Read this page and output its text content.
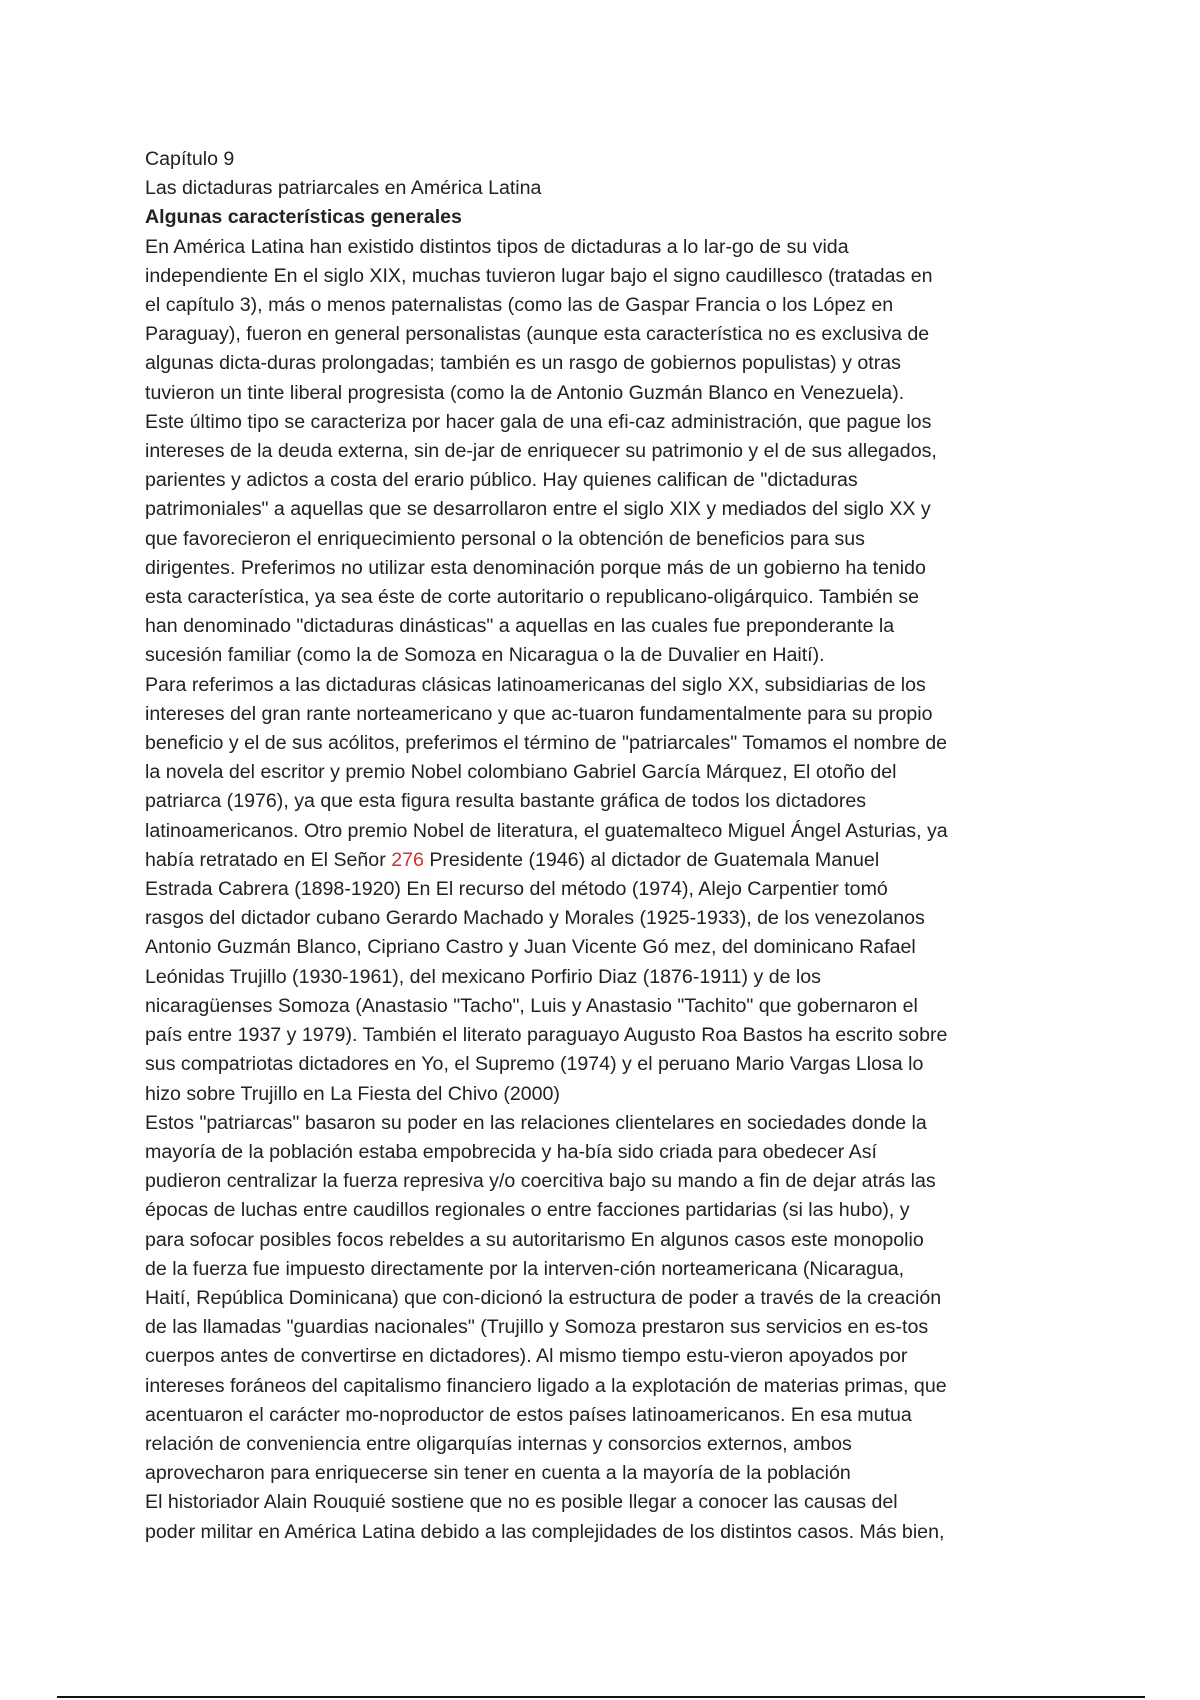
Capítulo 9
Las dictaduras patriarcales en América Latina
Algunas características generales
En América Latina han existido distintos tipos de dictaduras a lo lar-go de su vida
independiente En el siglo XIX, muchas tuvieron lugar bajo el signo caudillesco (tratadas en
el capítulo 3), más o menos paternalistas (como las de Gaspar Francia o los López en
Paraguay), fueron en general personalistas (aunque esta característica no es exclusiva de
algunas dicta-duras prolongadas; también es un rasgo de gobiernos populistas) y otras
tuvieron un tinte liberal progresista (como la de Antonio Guzmán Blanco en Venezuela).
Este último tipo se caracteriza por hacer gala de una efi-caz administración, que pague los
intereses de la deuda externa, sin de-jar de enriquecer su patrimonio y el de sus allegados,
parientes y adictos a costa del erario público. Hay quienes califican de "dictaduras
patrimoniales" a aquellas que se desarrollaron entre el siglo XIX y mediados del siglo XX y
que favorecieron el enriquecimiento personal o la obtención de beneficios para sus
dirigentes. Preferimos no utilizar esta denominación porque más de un gobierno ha tenido
esta característica, ya sea éste de corte autoritario o republicano-oligárquico. También se
han denominado "dictaduras dinásticas" a aquellas en las cuales fue preponderante la
sucesión familiar (como la de Somoza en Nicaragua o la de Duvalier en Haití).
Para referimos a las dictaduras clásicas latinoamericanas del siglo XX, subsidiarias de los
intereses del gran rante norteamericano y que ac-tuaron fundamentalmente para su propio
beneficio y el de sus acólitos, preferimos el término de "patriarcales" Tomamos el nombre de
la novela del escritor y premio Nobel colombiano Gabriel García Márquez, El otoño del
patriarca (1976), ya que esta figura resulta bastante gráfica de todos los dictadores
latinoamericanos. Otro premio Nobel de literatura, el guatemalteco Miguel Ángel Asturias, ya
había retratado en El Señor 276 Presidente (1946) al dictador de Guatemala Manuel
Estrada Cabrera (1898-1920) En El recurso del método (1974), Alejo Carpentier tomó
rasgos del dictador cubano Gerardo Machado y Morales (1925-1933), de los venezolanos
Antonio Guzmán Blanco, Cipriano Castro y Juan Vicente Gó mez, del dominicano Rafael
Leónidas Trujillo (1930-1961), del mexicano Porfirio Diaz (1876-1911) y de los
nicaragüenses Somoza (Anastasio "Tacho", Luis y Anastasio "Tachito" que gobernaron el
país entre 1937 y 1979). También el literato paraguayo Augusto Roa Bastos ha escrito sobre
sus compatriotas dictadores en Yo, el Supremo (1974) y el peruano Mario Vargas Llosa lo
hizo sobre Trujillo en La Fiesta del Chivo (2000)
Estos "patriarcas" basaron su poder en las relaciones clientelares en sociedades donde la
mayoría de la población estaba empobrecida y ha-bía sido criada para obedecer Así
pudieron centralizar la fuerza represiva y/o coercitiva bajo su mando a fin de dejar atrás las
épocas de luchas entre caudillos regionales o entre facciones partidarias (si las hubo), y
para sofocar posibles focos rebeldes a su autoritarismo En algunos casos este monopolio
de la fuerza fue impuesto directamente por la interven-ción norteamericana (Nicaragua,
Haití, República Dominicana) que con-dicionó la estructura de poder a través de la creación
de las llamadas "guardias nacionales" (Trujillo y Somoza prestaron sus servicios en es-tos
cuerpos antes de convertirse en dictadores). Al mismo tiempo estu-vieron apoyados por
intereses foráneos del capitalismo financiero ligado a la explotación de materias primas, que
acentuaron el carácter mo-noproductor de estos países latinoamericanos. En esa mutua
relación de conveniencia entre oligarquías internas y consorcios externos, ambos
aprovecharon para enriquecerse sin tener en cuenta a la mayoría de la población
El historiador Alain Rouquié sostiene que no es posible llegar a conocer las causas del
poder militar en América Latina debido a las complejidades de los distintos casos. Más bien,
